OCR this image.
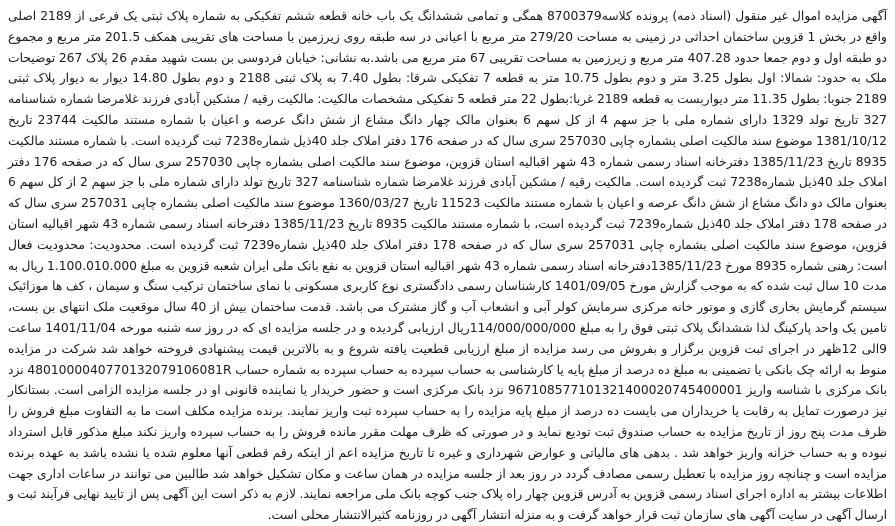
آگهی مزایده اموال غیر منقول (اسناد ذمه) پرونده کلاسه8700379 همگی و تمامی ششدانگ یک باب خانه قطعه ششم تفکیکی به شماره پلاک ثبتی یک فرعی از 2189 اصلی واقع در بخش 1 قزوین ساختمان احداثی در زمینی به مساحت 279/20 متر مربع با اعیانی در سه طبقه روی زیرزمین با مساحت های تقریبی همکف 201.5 متر مربع و مجموع دو طبقه اول و دوم جمعا حدود 407.28 متر مربع و زیرزمین به مساحت تقریبی 67 متر مربع می باشد.به نشانی: خیابان فردوسی بن بست شهید مقدم 26 پلاک 267 توضیحات ملک به حدود: شمالا: اول بطول 3.25 متر و دوم بطول 10.75 متر به قطعه 7 تفکیکی شرقا: بطول 7.40 به پلاک ثبتی 2188 و دوم بطول 14.80 دیوار به دیوار پلاک ثبتی 2189 جنوبا: بطول 11.35 متر دیواربست به قطعه 2189 غربا:بطول 22 متر قطعه 5 تفکیکی مشخصات مالکیت: مالکیت رقیه / مشکین آبادی فرزند غلامرضا شماره شناسنامه 327 تاریخ تولد 1329 دارای شماره ملی با جز سهم 4 از کل سهم 6 بعنوان مالک چهار دانگ مشاع از شش دانگ عرصه و اعیان با شماره مستند مالکیت 23744 تاریخ 1381/10/12 موضوع سند مالکیت اصلی بشماره چاپی 257030 سری سال که در صفحه 176 دفتر املاک جلد 40ذیل شماره7238 ثبت گردیده است. با شماره مستند مالکیت 8935 تاریخ 1385/11/23 دفترخانه اسناد رسمی شماره 43 شهر اقبالیه استان قزوین، موضوع سند مالکیت اصلی بشماره چاپی 257030 سری سال که در صفحه 176 دفتر املاک جلد 40ذیل شماره7238 ثبت گردیده است. مالکیت رقیه / مشکین آبادی فرزند غلامرضا شماره شناسنامه 327 تاریخ تولد دارای شماره ملی با جز سهم 2 از کل سهم 6 بعنوان مالک دو دانگ مشاع از شش دانگ عرصه و اعیان با شماره مستند مالکیت 11523 تاریخ 1360/03/27 موضوع سند مالکیت اصلی بشماره چاپی 257031 سری سال که در صفحه 178 دفتر املاک جلد 40ذیل شماره7239 ثبت گردیده است، با شماره مستند مالکیت 8935 تاریخ 1385/11/23 دفترخانه اسناد رسمی شماره 43 شهر اقبالیه استان قزوین، موضوع سند مالکیت اصلی بشماره چاپی 257031 سری سال که در صفحه 178 دفتر املاک جلد 40ذیل شماره7239 ثبت گردیده است. محدودیت: محدودیت فعال است: رهنی شماره 8935 مورخ 1385/11/23دفترخانه اسناد رسمی شماره 43 شهر اقبالیه استان قزوین به نفع بانک ملی ایران شعبه قزوین به مبلغ 1.100.010.000 ریال به مدت 10 سال ثبت شده که به موجب گزارش مورخ 1401/09/05 کارشناسان رسمی دادگستری نوع کاربری مسکونی با نمای ساختمان ترکیب سنگ و سیمان ، کف ها موزائیک سیستم گرمایش بخاری گازی و موتور خانه مرکزی سرمایش کولر آبی و انشعاب آب و گاز مشترک می باشد. قدمت ساختمان بیش از 40 سال موقعیت ملک انتهای بن بست، تامین یک واحد پارکینگ لذا ششدانگ پلاک ثبتی فوق را به مبلغ 114/000/000/000ریال ارزیابی گردیده و در جلسه مزایده ای که در روز سه شنبه مورخه 1401/11/04 ساعت 9الی 12ظهر در اجرای ثبت قزوین برگزار و بفروش می رسد مزایده از مبلغ ارزیابی قطعیت یافته شروع و به بالاترین قیمت پیشنهادی فروخته خواهد شد شرکت در مزایده منوط به ارائه چک بانکی یا تضمینی به مبلغ ده درصد از مبلغ پایه یا کارشناسی به حساب سپرده به حساب سپرده به شماره حساب 4801000040770132079106081R نزد بانک مرکزی با شناسه واریز 967108577101321400020745400001 نزد بانک مرکزی است و حضور خریدار یا نماینده قانونی او در جلسه مزایده الزامی است. بستانکار نیز درصورت تمایل به رقابت یا خریداران می بایست ده درصد از مبلغ پایه مزایده را به حساب سپرده ثبت واریز نمایند. برنده مزایده مکلف است ما به التفاوت مبلغ فروش را ظرف مدت پنج روز از تاریخ مزایده به حساب صندوق ثبت تودیع نماید و در صورتی که ظرف مهلت مقرر مانده فروش را به حساب سپرده واریز نکند مبلغ مذکور قابل استرداد نبوده و به حساب خزانه واریز خواهد شد . بدهی های مالیاتی و عوارض شهرداری و غیره تا تاریخ مزایده اعم از اینکه رقم قطعی آنها معلوم شده یا نشده باشد به عهده برنده مزایده است و چنانچه روز مزایده با تعطیل رسمی مصادف گردد در روز بعد از جلسه مزایده در همان ساعت و مکان تشکیل خواهد شد طالبین می توانند در ساعات اداری جهت اطلاعات بیشتر به اداره اجرای اسناد رسمی قزوین به آدرس قزوین چهار راه پلاک جنب کوچه بانک ملی مراجعه نمایند. لازم به ذکر است این آگهی پس از تایید نهایی فرآیند ثبت و ارسال آگهی در سایت آگهی های سازمان ثبت قرار خواهد گرفت و به منزله انتشار آگهی در روزنامه کثیرالانتشار محلی است.
